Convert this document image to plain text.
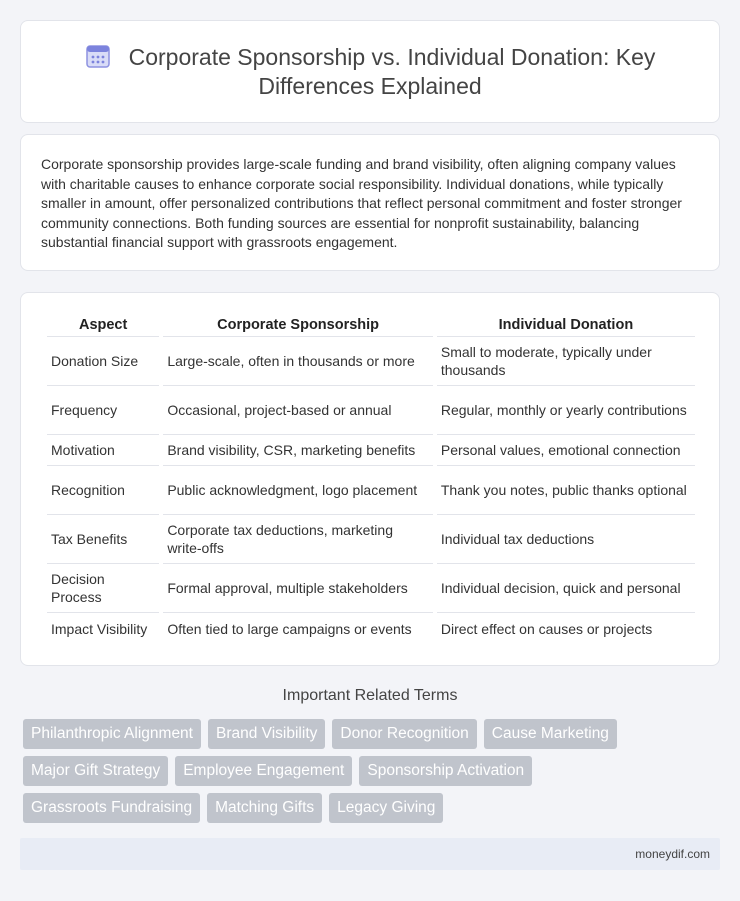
Corporate Sponsorship vs. Individual Donation: Key Differences Explained

Corporate sponsorship provides large-scale funding and brand visibility, often aligning company values with charitable causes to enhance corporate social responsibility. Individual donations, while typically smaller in amount, offer personalized contributions that reflect personal commitment and foster stronger community connections. Both funding sources are essential for nonprofit sustainability, balancing substantial financial support with grassroots engagement.

Aspect	Corporate Sponsorship	Individual Donation
Donation Size	Large-scale, often in thousands or more	Small to moderate, typically under thousands
Frequency	Occasional, project-based or annual	Regular, monthly or yearly contributions
Motivation	Brand visibility, CSR, marketing benefits	Personal values, emotional connection
Recognition	Public acknowledgment, logo placement	Thank you notes, public thanks optional
Tax Benefits	Corporate tax deductions, marketing write-offs	Individual tax deductions
Decision Process	Formal approval, multiple stakeholders	Individual decision, quick and personal
Impact Visibility	Often tied to large campaigns or events	Direct effect on causes or projects
Important Related Terms
Philanthropic Alignment	Brand Visibility	Donor Recognition	Cause Marketing
Major Gift Strategy	Employee Engagement	Sponsorship Activation
Grassroots Fundraising	Matching Gifts	Legacy Giving
moneydif.com
